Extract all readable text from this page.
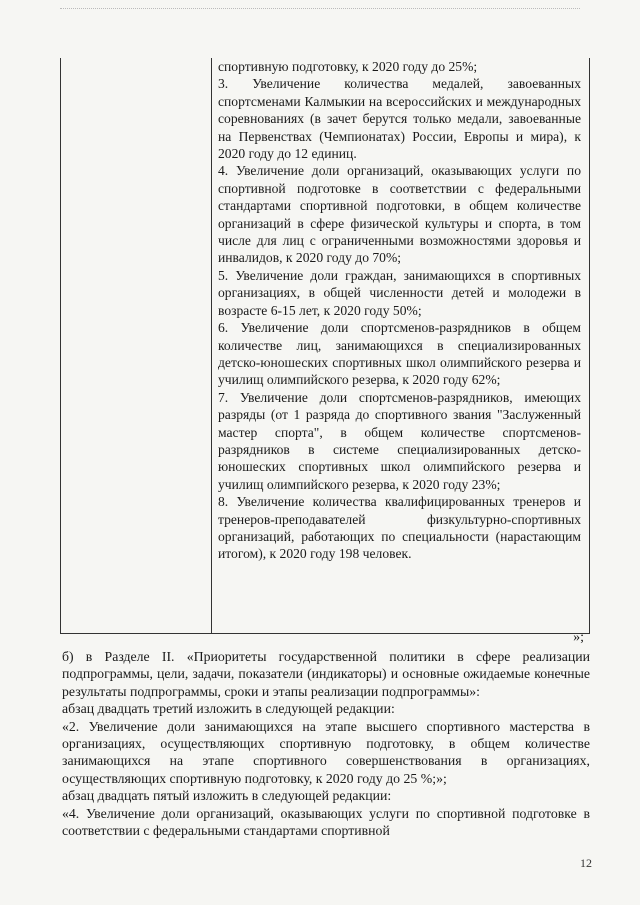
спортивную подготовку, к 2020 году до 25%;

3. Увеличение количества медалей, завоеванных спортсменами Калмыкии на всероссийских и международных соревнованиях (в зачет берутся только медали, завоеванные на Первенствах (Чемпионатах) России, Европы и мира), к 2020 году до 12 единиц.

4. Увеличение доли организаций, оказывающих услуги по спортивной подготовке в соответствии с федеральными стандартами спортивной подготовки, в общем количестве организаций в сфере физической культуры и спорта, в том числе для лиц с ограниченными возможностями здоровья и инвалидов, к 2020 году до 70%;

5. Увеличение доли граждан, занимающихся в спортивных организациях, в общей численности детей и молодежи в возрасте 6-15 лет, к 2020 году 50%;

6. Увеличение доли спортсменов-разрядников в общем количестве лиц, занимающихся в специализированных детско-юношеских спортивных школ олимпийского резерва и училищ олимпийского резерва, к 2020 году 62%;

7. Увеличение доли спортсменов-разрядников, имеющих разряды (от 1 разряда до спортивного звания "Заслуженный мастер спорта", в общем количестве спортсменов-разрядников в системе специализированных детско-юношеских спортивных школ олимпийского резерва и училищ олимпийского резерва, к 2020 году 23%;

8. Увеличение количества квалифицированных тренеров и тренеров-преподавателей физкультурно-спортивных организаций, работающих по специальности (нарастающим итогом), к 2020 году 198 человек.

»;

б) в Разделе II. «Приоритеты государственной политики в сфере реализации подпрограммы, цели, задачи, показатели (индикаторы) и основные ожидаемые конечные результаты подпрограммы, сроки и этапы реализации подпрограммы»:

абзац двадцать третий изложить в следующей редакции:

«2. Увеличение доли занимающихся на этапе высшего спортивного мастерства в организациях, осуществляющих спортивную подготовку, в общем количестве занимающихся на этапе спортивного совершенствования в организациях, осуществляющих спортивную подготовку, к 2020 году до 25 %;»;

абзац двадцать пятый изложить в следующей редакции:

«4. Увеличение доли организаций, оказывающих услуги по спортивной подготовке в соответствии с федеральными стандартами спортивной

12
